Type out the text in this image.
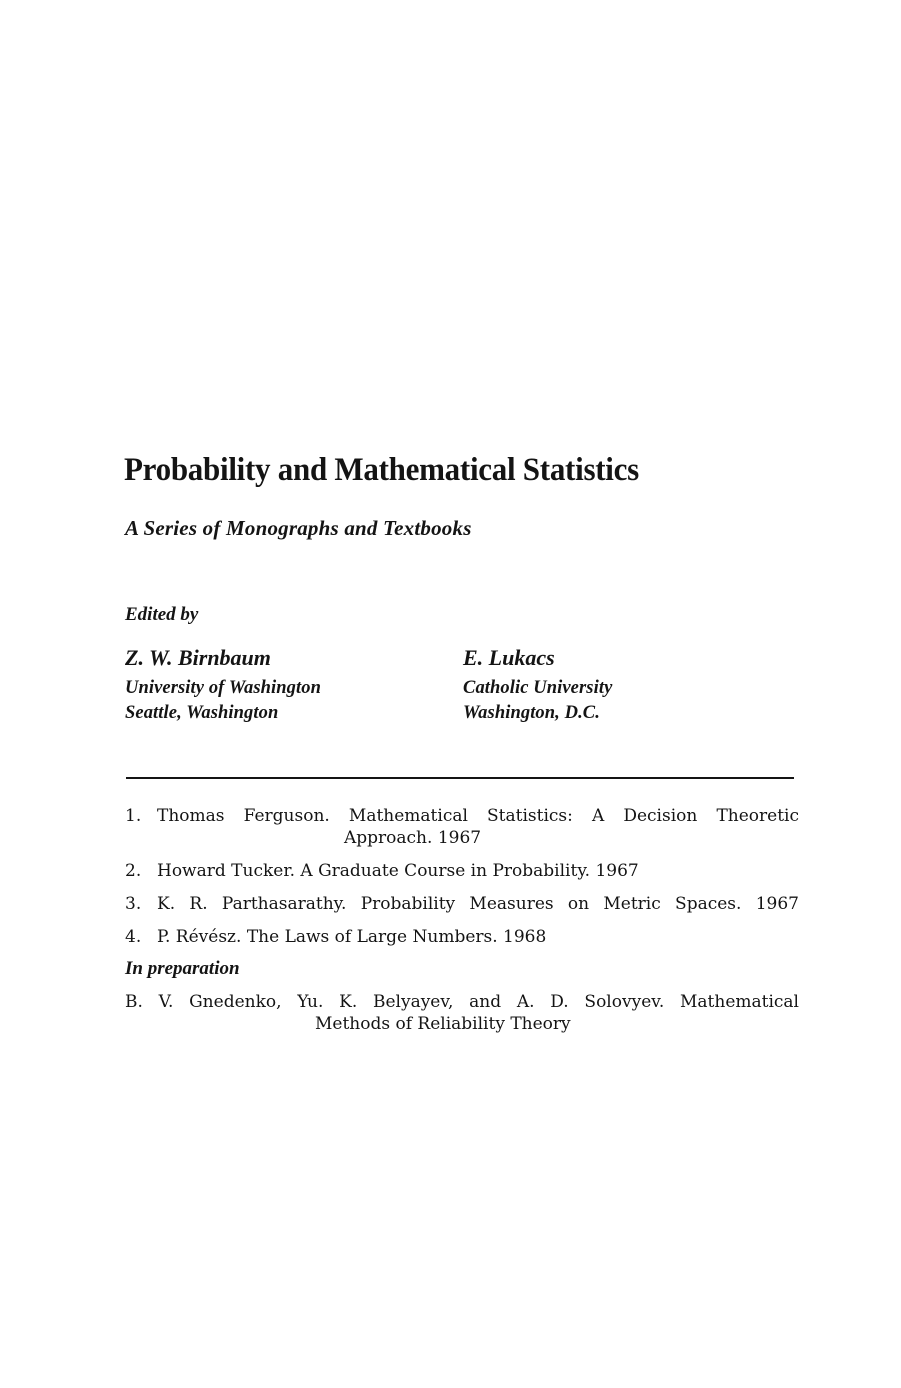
Probability and Mathematical Statistics
A Series of Monographs and Textbooks
Edited by
Z. W. Birnbaum
University of Washington
Seattle, Washington
E. Lukacs
Catholic University
Washington, D.C.
1. Thomas Ferguson. Mathematical Statistics: A Decision Theoretic
Approach. 1967
2. Howard Tucker. A Graduate Course in Probability. 1967
3. K. R. Parthasarathy. Probability Measures on Metric Spaces. 1967
4. P. Révész. The Laws of Large Numbers. 1968
In preparation
B. V. Gnedenko, Yu. K. Belyayev, and A. D. Solovyev. Mathematical
Methods of Reliability Theory
